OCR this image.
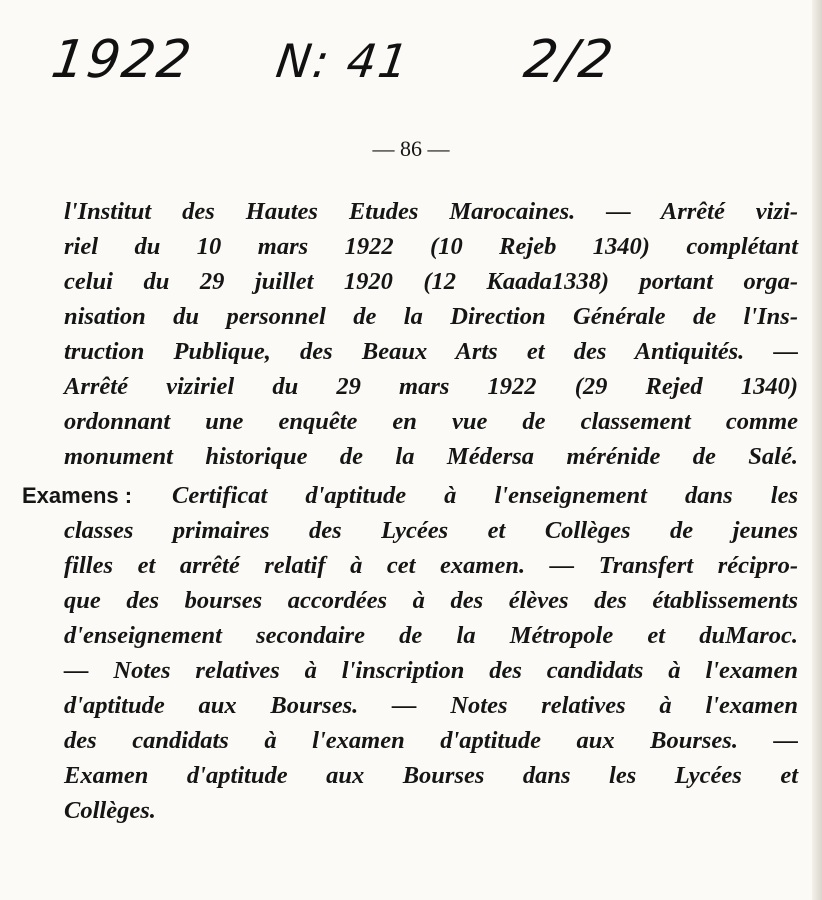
1922 N: 41 2/2
— 86 —
l'Institut des Hautes Etudes Marocaines. — Arrêté vizi-
riel du 10 mars 1922 (10 Rejeb 1340) complétant
celui du 29 juillet 1920 (12 Kaada1338) portant orga-
nisation du personnel de la Direction Générale de l'Ins-
truction Publique, des Beaux Arts et des Antiquités. —
Arrêté viziriel du 29 mars 1922 (29 Rejed 1340)
ordonnant une enquête en vue de classement comme
monument historique de la Médersa mérénide de Salé.
Examens :	Certificat d'aptitude à l'enseignement dans les
classes primaires des Lycées et Collèges de jeunes
filles et arrêté relatif à cet examen. — Transfert récipro-
que des bourses accordées à des élèves des établissements
d'enseignement secondaire de la Métropole et duMaroc.
— Notes relatives à l'inscription des candidats à l'examen
d'aptitude aux Bourses. — Notes relatives à l'examen
des candidats à l'examen d'aptitude aux Bourses. —
Examen d'aptitude aux Bourses dans les Lycées et
Collèges.
